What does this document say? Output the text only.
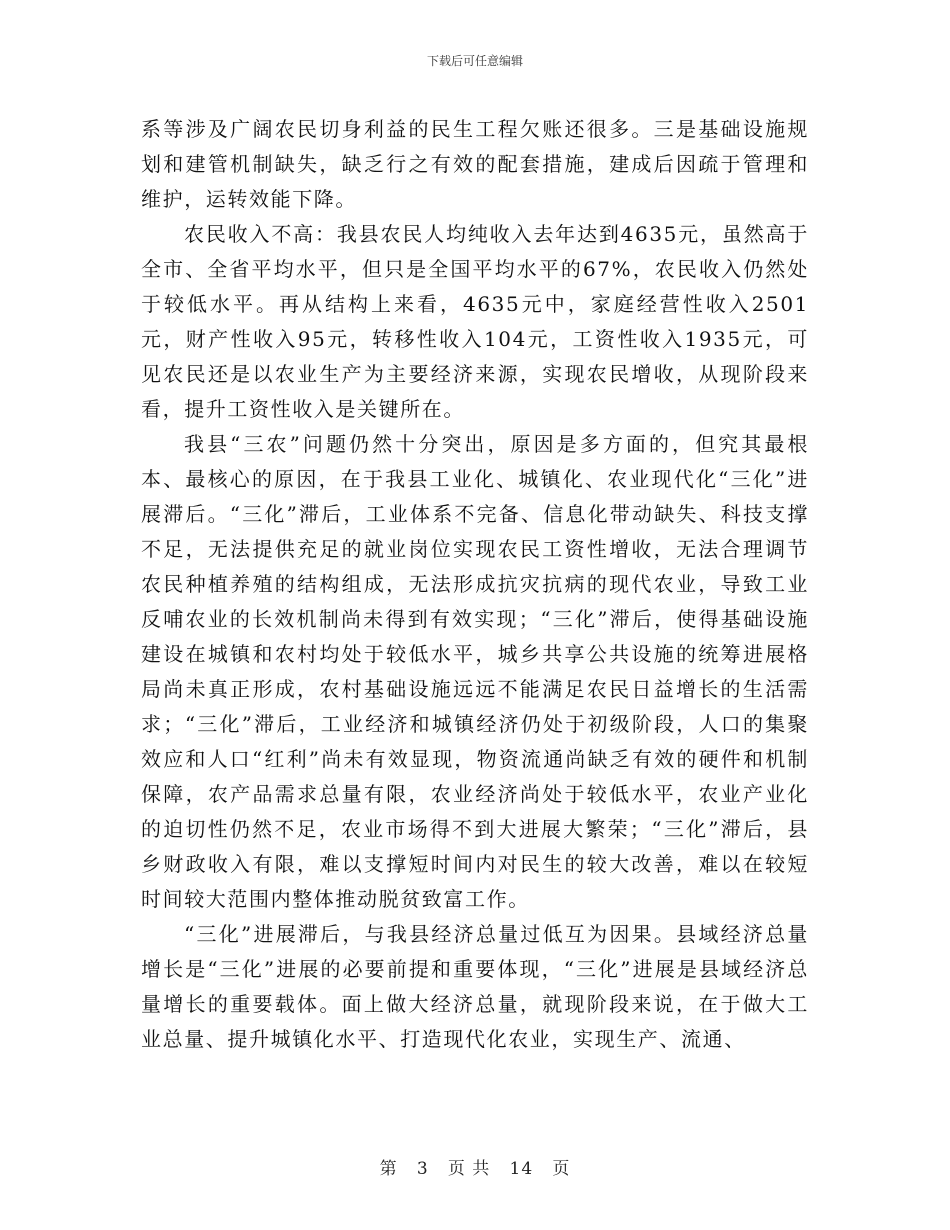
下载后可任意编辑

系等涉及广阔农民切身利益的民生工程欠账还很多。三是基础设施规划和建管机制缺失，缺乏行之有效的配套措施，建成后因疏于管理和维护，运转效能下降。

农民收入不高：我县农民人均纯收入去年达到4635元，虽然高于全市、全省平均水平，但只是全国平均水平的67%，农民收入仍然处于较低水平。再从结构上来看，4635元中，家庭经营性收入2501元，财产性收入95元，转移性收入104元，工资性收入1935元，可见农民还是以农业生产为主要经济来源，实现农民增收，从现阶段来看，提升工资性收入是关键所在。

我县“三农”问题仍然十分突出，原因是多方面的，但究其最根本、最核心的原因，在于我县工业化、城镇化、农业现代化“三化”进展滞后。“三化”滞后，工业体系不完备、信息化带动缺失、科技支撑不足，无法提供充足的就业岗位实现农民工资性增收，无法合理调节农民种植养殖的结构组成，无法形成抗灾抗病的现代农业，导致工业反哺农业的长效机制尚未得到有效实现；“三化”滞后，使得基础设施建设在城镇和农村均处于较低水平，城乡共享公共设施的统筹进展格局尚未真正形成，农村基础设施远远不能满足农民日益增长的生活需求；“三化”滞后，工业经济和城镇经济仍处于初级阶段，人口的集聚效应和人口“红利”尚未有效显现，物资流通尚缺乏有效的硬件和机制保障，农产品需求总量有限，农业经济尚处于较低水平，农业产业化的迫切性仍然不足，农业市场得不到大进展大繁荣；“三化”滞后，县乡财政收入有限，难以支撑短时间内对民生的较大改善，难以在较短时间较大范围内整体推动脱贫致富工作。

“三化”进展滞后，与我县经济总量过低互为因果。县域经济总量增长是“三化”进展的必要前提和重要体现，“三化”进展是县域经济总量增长的重要载体。面上做大经济总量，就现阶段来说，在于做大工业总量、提升城镇化水平、打造现代化农业，实现生产、流通、

第 3 页 共 14 页
